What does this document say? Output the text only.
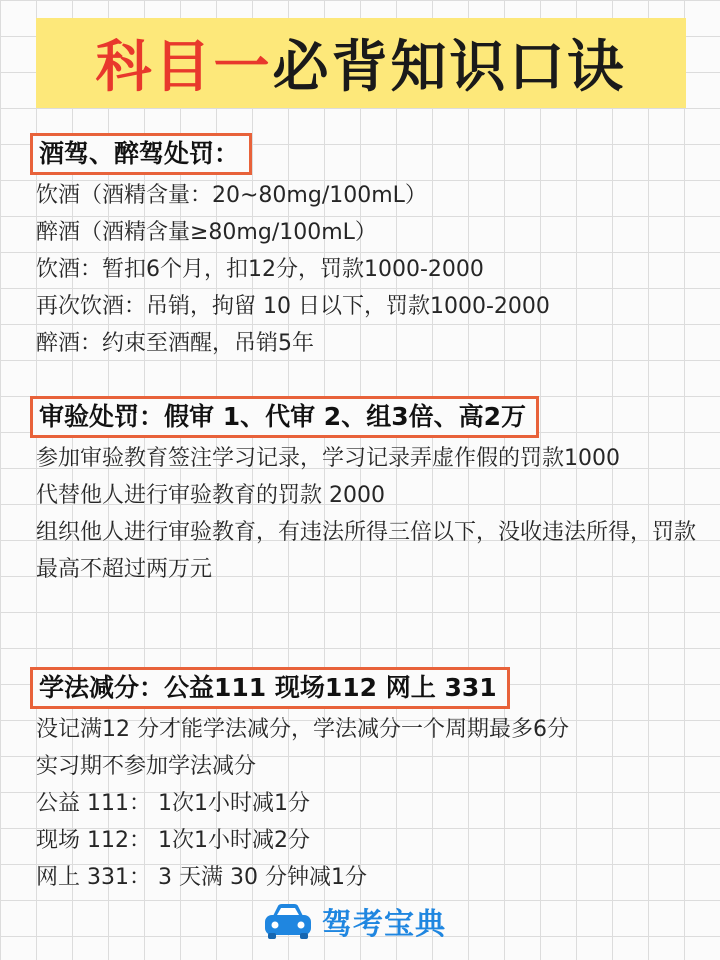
科目一 必背知识口诀
酒驾、醉驾处罚：
饮酒（酒精含量：20~80mg/100mL）
醉酒（酒精含量≥80mg/100mL）
饮酒：暂扣6个月，扣12分，罚款1000-2000
再次饮酒：吊销，拘留 10 日以下，罚款1000-2000
醉酒：约束至酒醒，吊销5年
审验处罚：假审 1、代审 2、组3倍、高2万
参加审验教育签注学习记录，学习记录弄虚作假的罚款1000
代替他人进行审验教育的罚款 2000
组织他人进行审验教育，有违法所得三倍以下，没收违法所得，罚款最高不超过两万元
学法减分：公益111 现场112 网上 331
没记满12 分才能学法减分，学法减分一个周期最多6分
实习期不参加学法减分
公益 111： 1次1小时减1分
现场 112： 1次1小时减2分
网上 331： 3 天满 30 分钟减1分
驾考宝典
